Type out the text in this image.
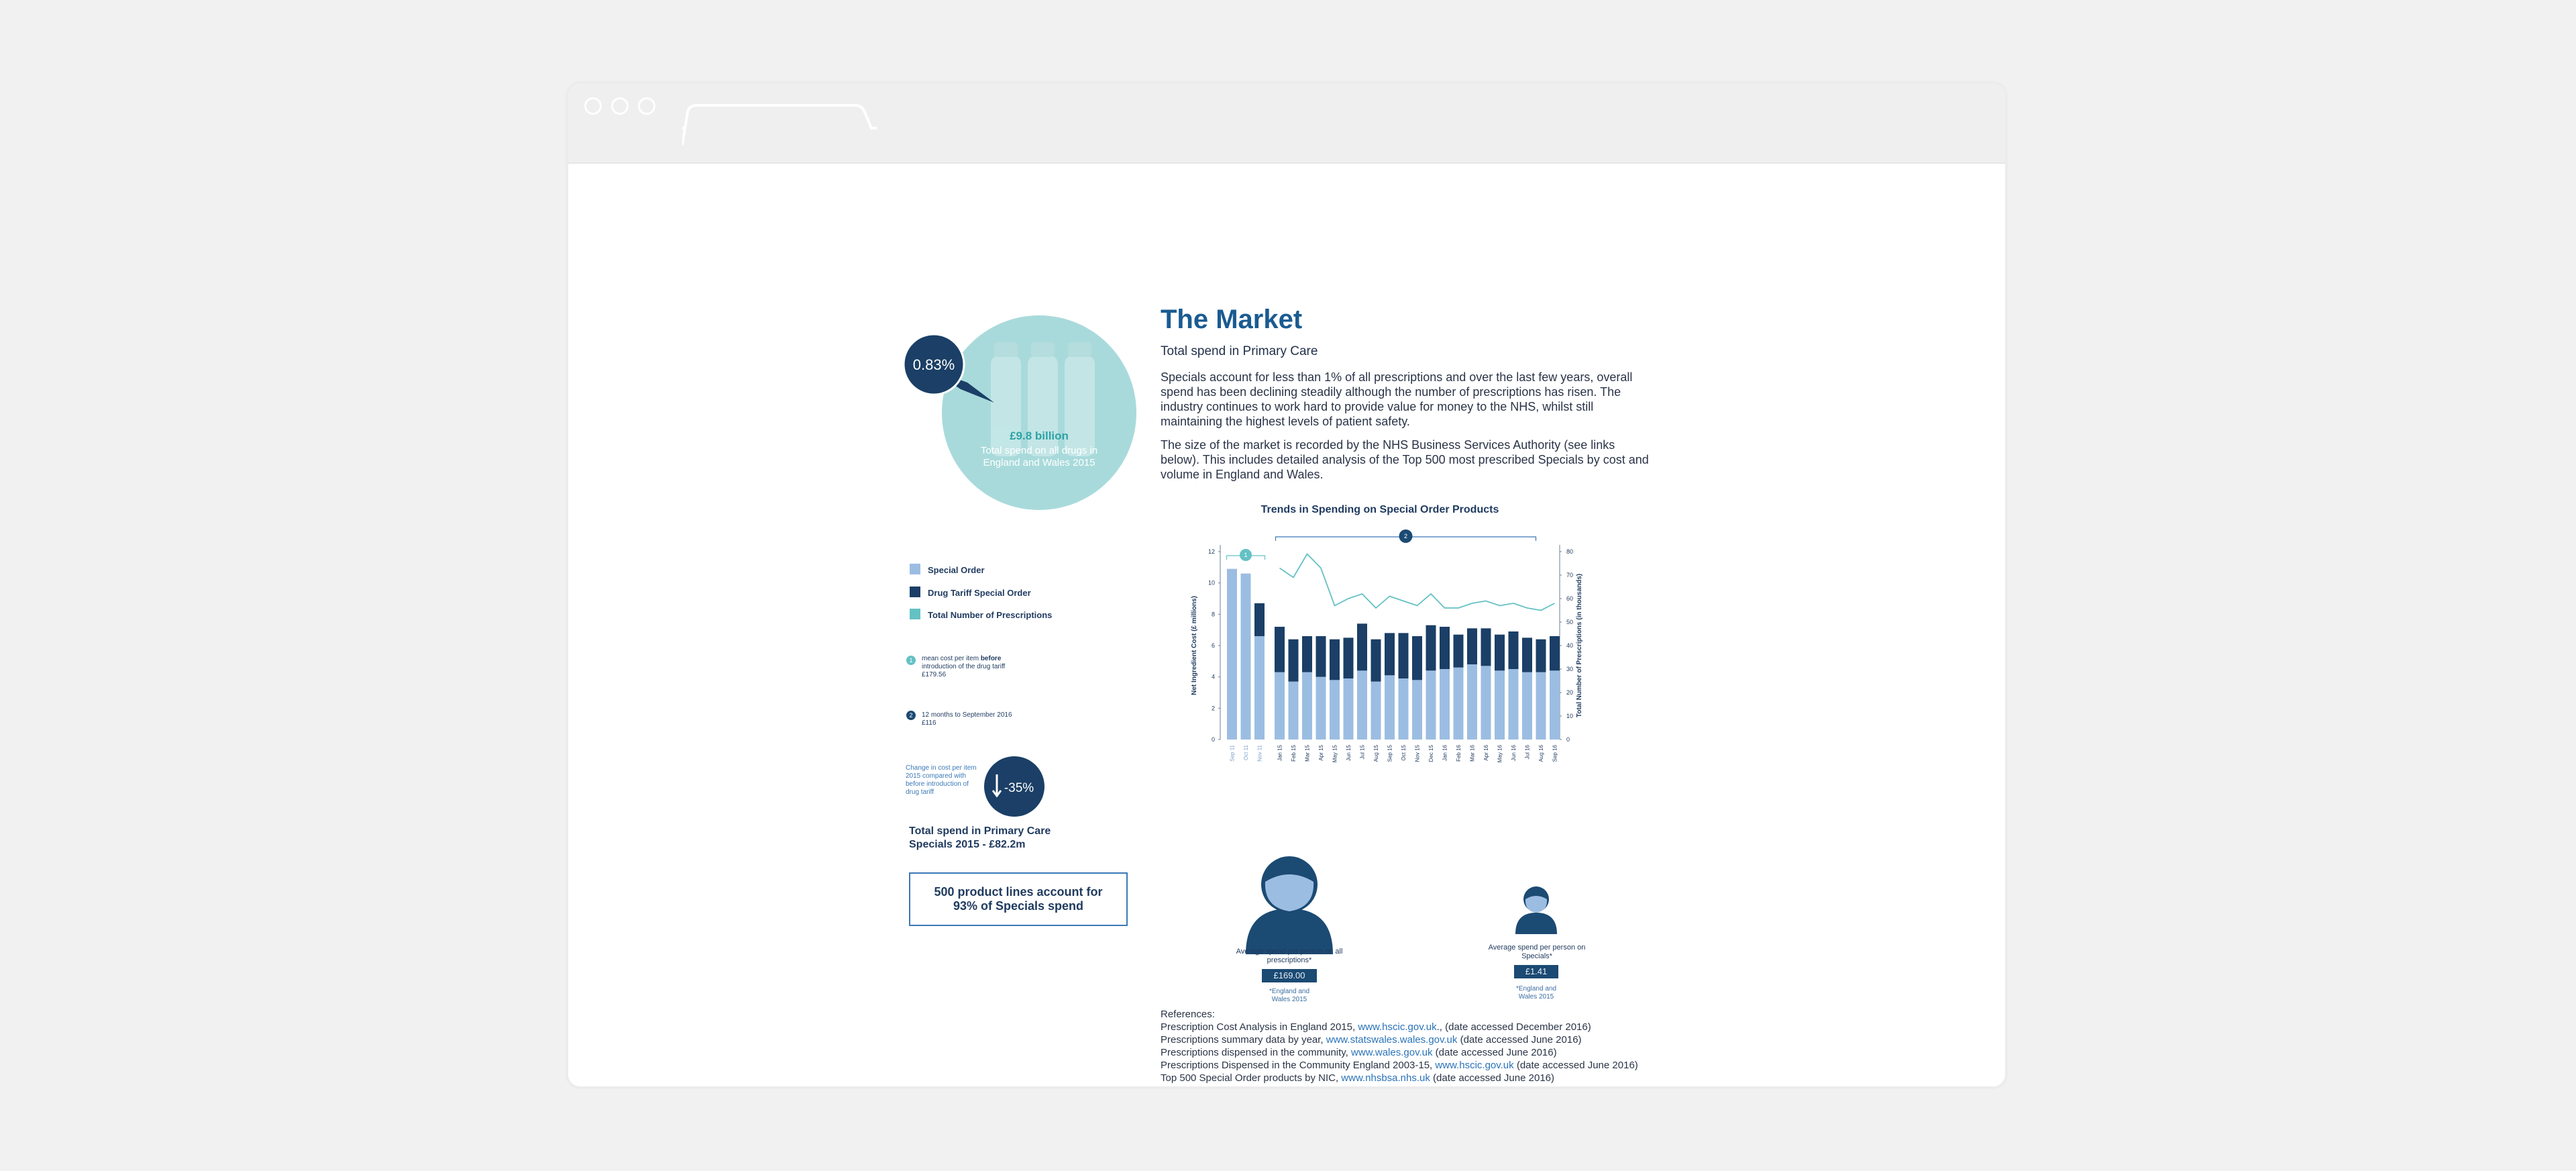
0.83%
£9.8 billion
Total spend on all drugs in
England and Wales 2015
Special Order
Drug Tariff Special Order
Total Number of Prescriptions
1 mean cost per item before introduction of the drug tariff
£179.56
2 12 months to September 2016
£116
Change in cost per item 2015 compared with before introduction of drug tariff	-35%
Total spend in Primary Care
Specials 2015 - £82.2m
500 product lines account for 93% of Specials spend
The Market
Total spend in Primary Care
Specials account for less than 1% of all prescriptions and over the last few years, overall spend has been declining steadily although the number of prescriptions has risen. The industry continues to work hard to provide value for money to the NHS, whilst still maintaining the highest levels of patient safety.
The size of the market is recorded by the NHS Business Services Authority (see links below). This includes detailed analysis of the Top 500 most prescribed Specials by cost and volume in England and Wales.
Trends in Spending on Special Order Products
0
2
4
6
8
10
12
0
10
20
30
40
50
60
70
80
Net Ingredient Cost (£ millions)	Total Number of Prescriptions (in thousands)
Sep 11 Oct 11 Nov 11	Jan 15 Feb 15 Mar 15 Apr 15 May 15 Jun 15 Jul 15 Aug 15 Sep 15 Oct 15 Nov 15 Dec 15 Jan 16 Feb 16 Mar 16 Apr 16 May 16 Jun 16 Jul 16 Aug 16 Sep 16
1
2
Average spend per person on all prescriptions*
£169.00
*England and Wales 2015
Average spend per person on Specials*
£1.41
*England and Wales 2015
References:
Prescription Cost Analysis in England 2015, www.hscic.gov.uk., (date accessed December 2016)
Prescriptions summary data by year, www.statswales.wales.gov.uk (date accessed June 2016)
Prescriptions dispensed in the community, www.wales.gov.uk (date accessed June 2016)
Prescriptions Dispensed in the Community England 2003-15, www.hscic.gov.uk (date accessed June 2016)
Top 500 Special Order products by NIC, www.nhsbsa.nhs.uk (date accessed June 2016)
